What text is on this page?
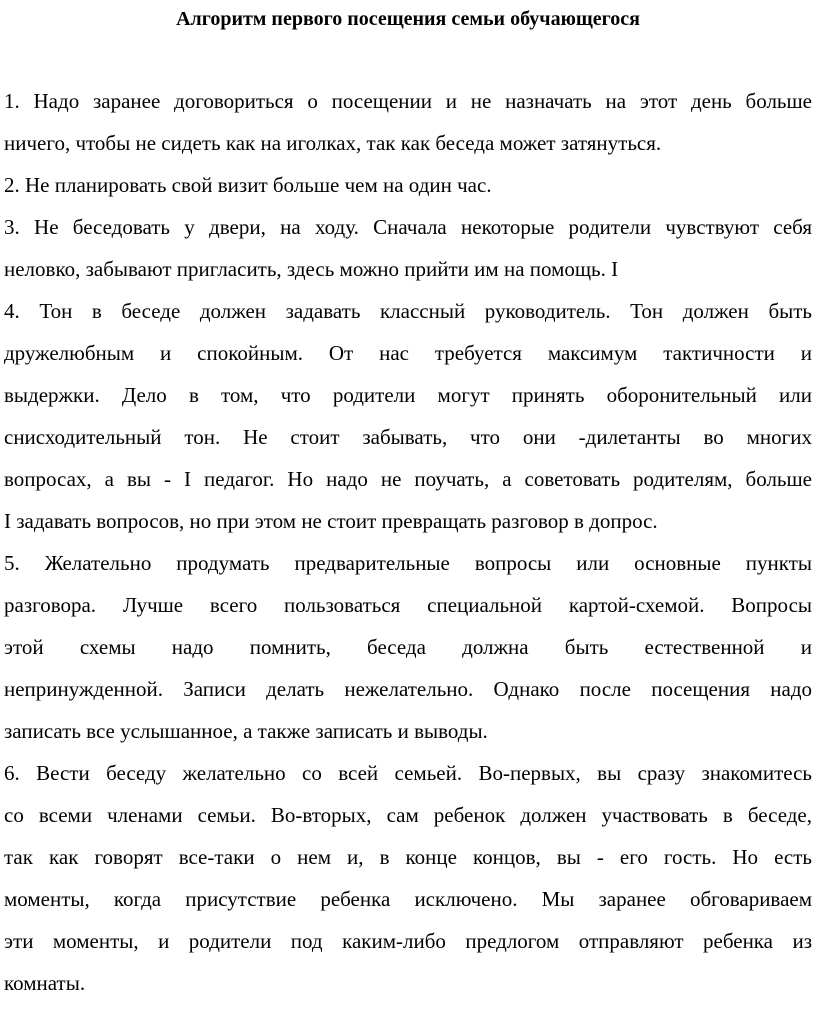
Алгоритм первого посещения семьи обучающегося
1. Надо заранее договориться о посещении и не назначать на этот день больше
ничего, чтобы не сидеть как на иголках, так как беседа может затянуться.
2. Не планировать свой визит больше чем на один час.
3. Не беседовать у двери, на ходу. Сначала некоторые родители чувствуют себя
неловко, забывают пригласить, здесь можно прийти им на помощь. I
4. Тон в беседе должен задавать классный руководитель. Тон должен быть
дружелюбным и спокойным. От нас требуется максимум тактичности и
выдержки. Дело в том, что родители могут принять оборонительный или
снисходительный тон. Не стоит забывать, что они -дилетанты во многих
вопросах, а вы - I педагог. Но надо не поучать, а советовать родителям, больше
I задавать вопросов, но при этом не стоит превращать разговор в допрос.
5. Желательно продумать предварительные вопросы или основные пункты
разговора. Лучше всего пользоваться специальной картой-схемой. Вопросы
этой схемы надо помнить, беседа должна быть естественной и
непринужденной. Записи делать нежелательно. Однако после посещения надо
записать все услышанное, а также записать и выводы.
6. Вести беседу желательно со всей семьей. Во-первых, вы сразу знакомитесь
со всеми членами семьи. Во-вторых, сам ребенок должен участвовать в беседе,
так как говорят все-таки о нем и, в конце концов, вы - его гость. Но есть
моменты, когда присутствие ребенка исключено. Мы заранее обговариваем
эти моменты, и родители под каким-либо предлогом отправляют ребенка из
комнаты.
